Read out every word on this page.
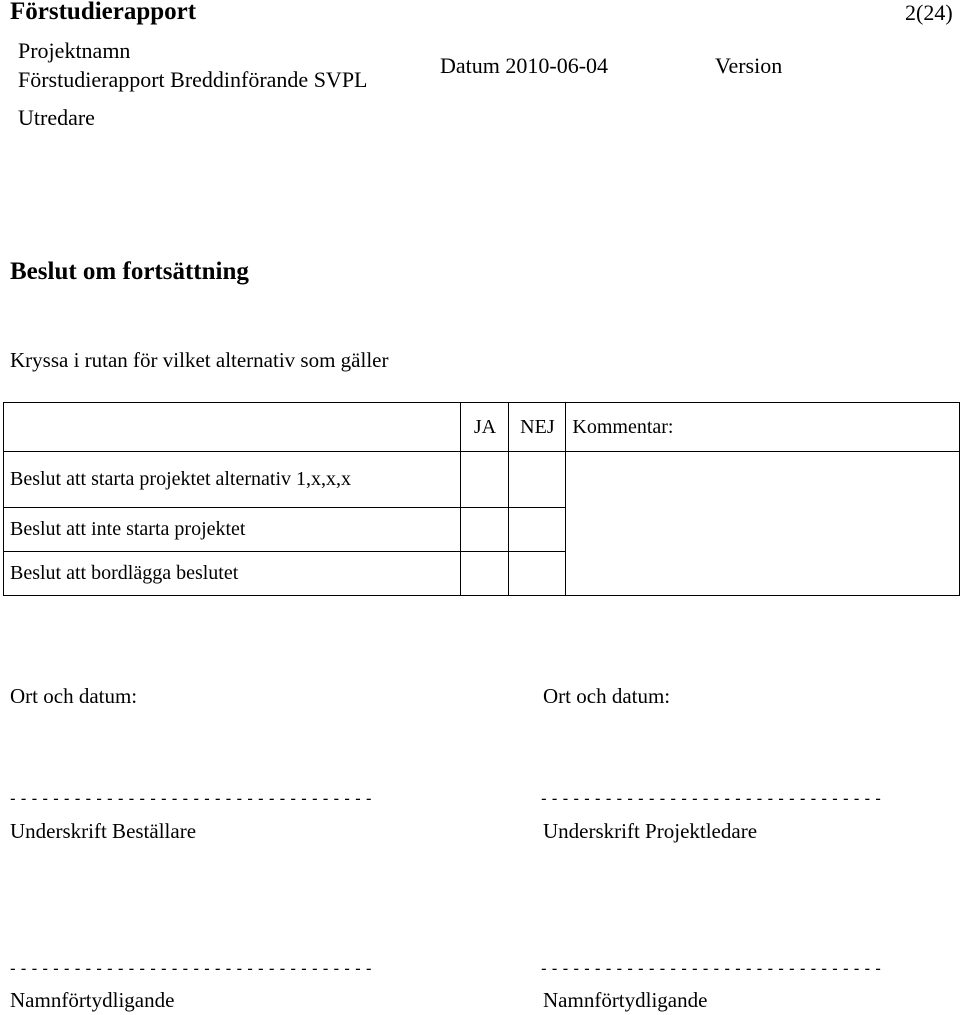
Förstudierapport	2(24)
Projektnamn
Förstudierapport Breddinförande SVPL
Datum 2010-06-04	Version
Utredare
Beslut om fortsättning
Kryssa i rutan för vilket alternativ som gäller
	JA	NEJ	Kommentar:
Beslut att starta projektet alternativ 1,x,x,x			
Beslut att inte starta projektet			
Beslut att bordlägga beslutet			
Ort och datum:
- - - - - - - - - - - - - - - - - - - - - - - - - - - - - - - - - -
Underskrift Beställare
- - - - - - - - - - - - - - - - - - - - - - - - - - - - - - - - - -
Namnförtydligande
Ort och datum:
- - - - - - - - - - - - - - - - - - - - - - - - - - - - - - - -
Underskrift Projektledare
- - - - - - - - - - - - - - - - - - - - - - - - - - - - - - - -
Namnförtydligande
